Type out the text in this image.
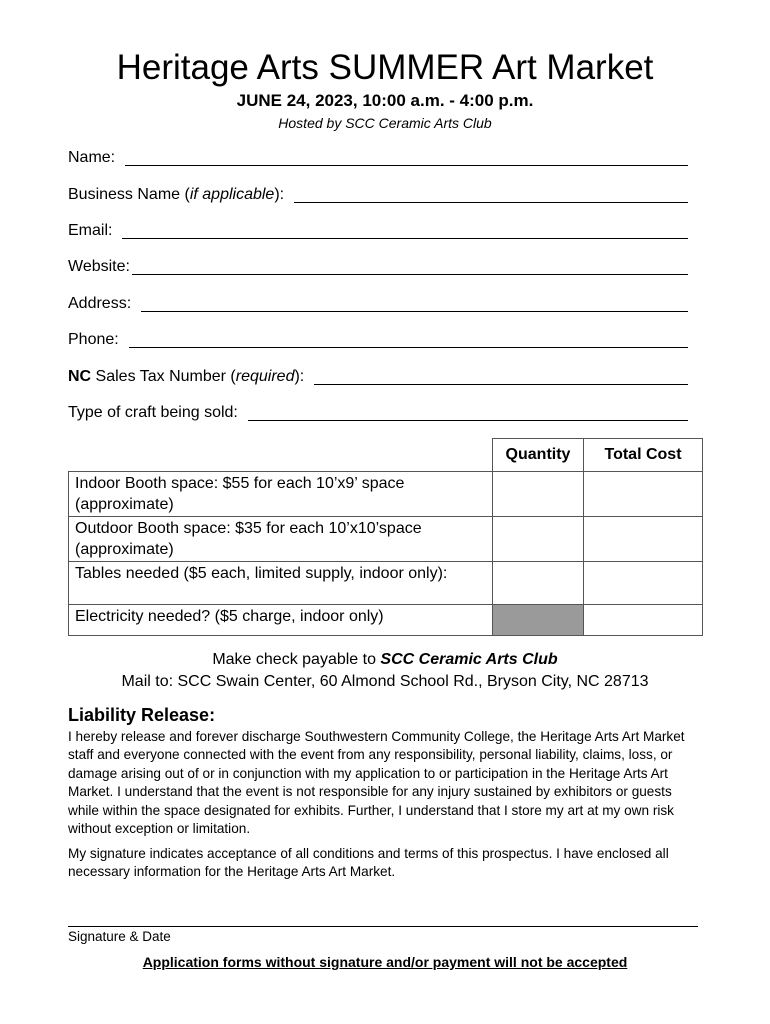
Heritage Arts SUMMER Art Market
JUNE 24, 2023, 10:00 a.m. - 4:00 p.m.
Hosted by SCC Ceramic Arts Club
Name:
Business Name (if applicable):
Email:
Website:
Address:
Phone:
NC Sales Tax Number (required):
Type of craft being sold:
	Quantity	Total Cost
Indoor Booth space: $55 for each 10’x9’ space (approximate)		
Outdoor Booth space: $35 for each 10’x10’space (approximate)		
Tables needed ($5 each, limited supply, indoor only):		
Electricity needed? ($5 charge, indoor only)		
Make check payable to SCC Ceramic Arts Club
Mail to: SCC Swain Center, 60 Almond School Rd., Bryson City, NC 28713
Liability Release:
I hereby release and forever discharge Southwestern Community College, the Heritage Arts Art Market staff and everyone connected with the event from any responsibility, personal liability, claims, loss, or damage arising out of or in conjunction with my application to or participation in the Heritage Arts Art Market. I understand that the event is not responsible for any injury sustained by exhibitors or guests while within the space designated for exhibits. Further, I understand that I store my art at my own risk without exception or limitation.
My signature indicates acceptance of all conditions and terms of this prospectus. I have enclosed all necessary information for the Heritage Arts Art Market.
Signature & Date
Application forms without signature and/or payment will not be accepted
